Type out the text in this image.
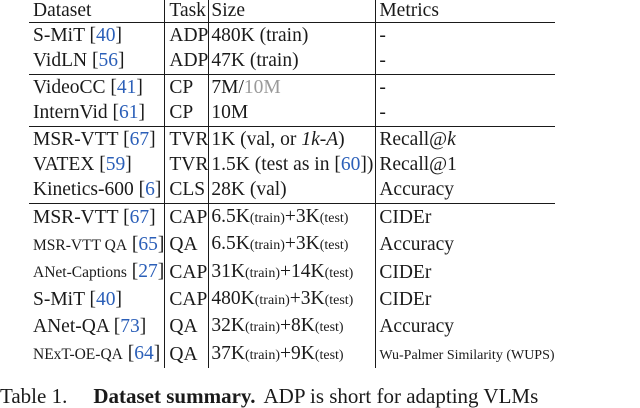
Dataset	Task	Size	Metrics
S-MiT [40]	ADP	480K (train)	-
VidLN [56]	ADP	47K (train)	-
VideoCC [41]	CP	7M/10M	-
InternVid [61]	CP	10M	-
MSR-VTT [67]	TVR	1K (val, or 1k-A)	Recall@k
VATEX [59]	TVR	1.5K (test as in [60])	Recall@1
Kinetics-600 [6]	CLS	28K (val)	Accuracy
MSR-VTT [67]	CAP	6.5K(train)+3K(test)	CIDEr
MSR-VTT QA [65]	QA	6.5K(train)+3K(test)	Accuracy
ANet-Captions [27]	CAP	31K(train)+14K(test)	CIDEr
S-MiT [40]	CAP	480K(train)+3K(test)	CIDEr
ANet-QA [73]	QA	32K(train)+8K(test)	Accuracy
NExT-OE-QA [64]	QA	37K(train)+9K(test)	Wu-Palmer Similarity (WUPS)
Table 1. Dataset summary. ADP is short for adapting VLMs
